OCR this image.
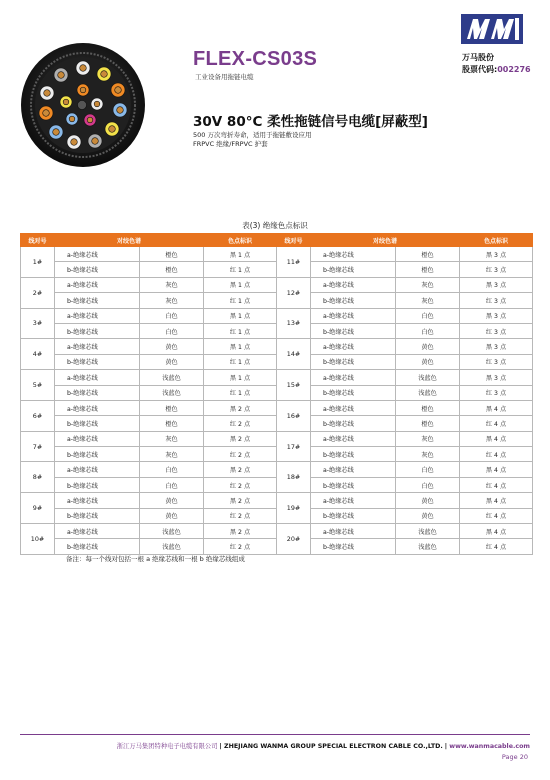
FLEX-CS03S
工业设备用拖链电缆
万马股份
股票代码:002276
30V 80°C 柔性拖链信号电缆[屏蔽型]
500 万次弯折寿命，适用于拖链敷设应用
FRPVC 绝缘/FRPVC 护套
表(3) 绝缘色点标识
线对号	对绞色谱		色点标识	线对号	对绞色谱		色点标识
1#	a-绝缘芯线	橙色	黑 1 点	11#	a-绝缘芯线	橙色	黑 3 点
	b-绝缘芯线	橙色	红 1 点		b-绝缘芯线	橙色	红 3 点
2#	a-绝缘芯线	灰色	黑 1 点	12#	a-绝缘芯线	灰色	黑 3 点
	b-绝缘芯线	灰色	红 1 点		b-绝缘芯线	灰色	红 3 点
3#	a-绝缘芯线	白色	黑 1 点	13#	a-绝缘芯线	白色	黑 3 点
	b-绝缘芯线	白色	红 1 点		b-绝缘芯线	白色	红 3 点
4#	a-绝缘芯线	黄色	黑 1 点	14#	a-绝缘芯线	黄色	黑 3 点
	b-绝缘芯线	黄色	红 1 点		b-绝缘芯线	黄色	红 3 点
5#	a-绝缘芯线	浅蓝色	黑 1 点	15#	a-绝缘芯线	浅蓝色	黑 3 点
	b-绝缘芯线	浅蓝色	红 1 点		b-绝缘芯线	浅蓝色	红 3 点
6#	a-绝缘芯线	橙色	黑 2 点	16#	a-绝缘芯线	橙色	黑 4 点
	b-绝缘芯线	橙色	红 2 点		b-绝缘芯线	橙色	红 4 点
7#	a-绝缘芯线	灰色	黑 2 点	17#	a-绝缘芯线	灰色	黑 4 点
	b-绝缘芯线	灰色	红 2 点		b-绝缘芯线	灰色	红 4 点
8#	a-绝缘芯线	白色	黑 2 点	18#	a-绝缘芯线	白色	黑 4 点
	b-绝缘芯线	白色	红 2 点		b-绝缘芯线	白色	红 4 点
9#	a-绝缘芯线	黄色	黑 2 点	19#	a-绝缘芯线	黄色	黑 4 点
	b-绝缘芯线	黄色	红 2 点		b-绝缘芯线	黄色	红 4 点
10#	a-绝缘芯线	浅蓝色	黑 2 点	20#	a-绝缘芯线	浅蓝色	黑 4 点
	b-绝缘芯线	浅蓝色	红 2 点		b-绝缘芯线	浅蓝色	红 4 点
备注：每一个线对包括一根 a 绝缘芯线和一根 b 绝缘芯线组成
浙江万马集团特种电子电缆有限公司 | ZHEJIANG WANMA GROUP SPECIAL ELECTRON CABLE CO.,LTD. | www.wanmacable.com
Page 20
